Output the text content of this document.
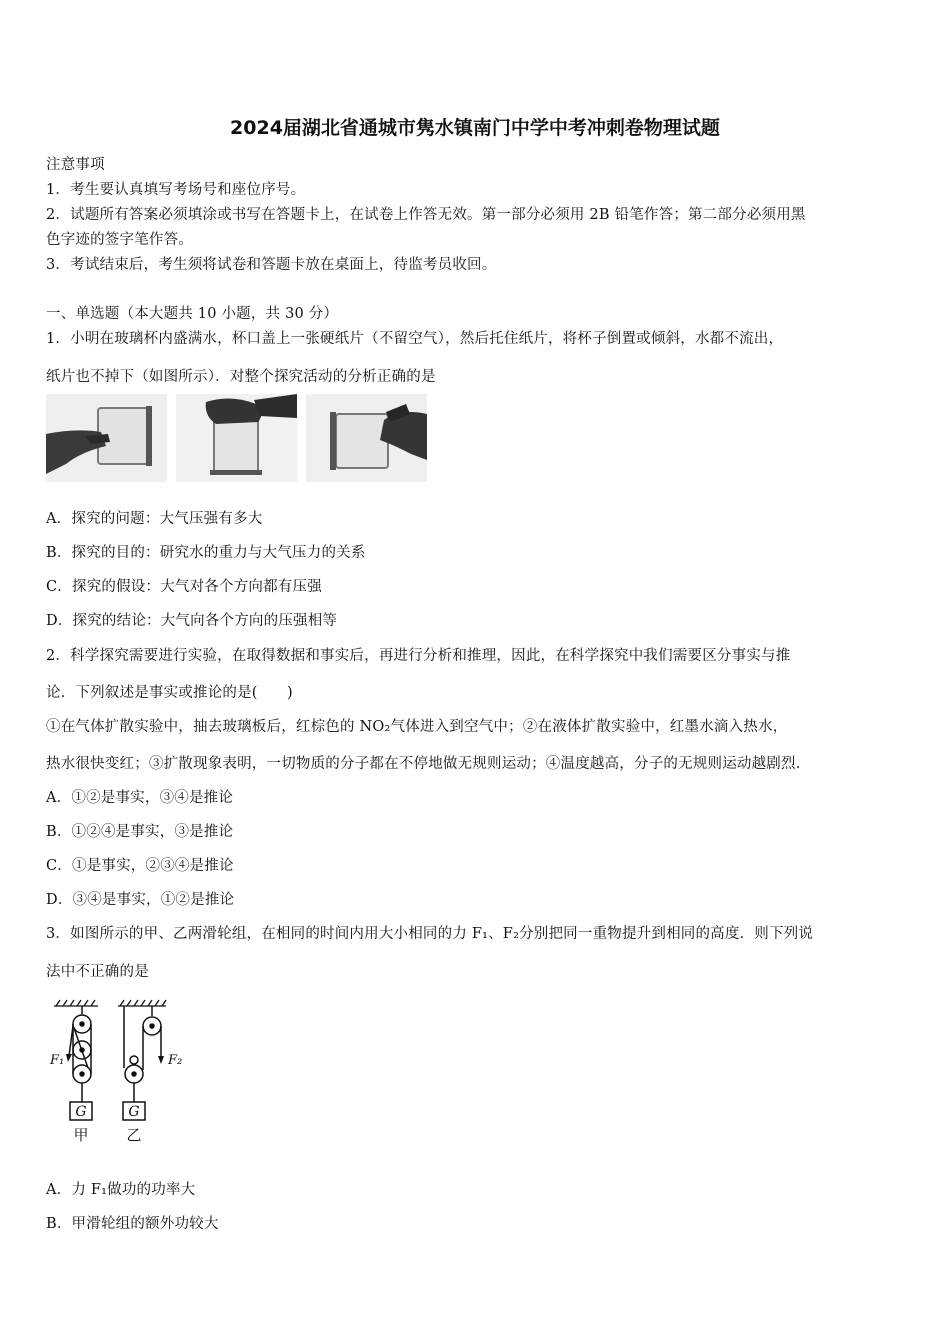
2024届湖北省通城市隽水镇南门中学中考冲刺卷物理试题
注意事项
1．考生要认真填写考场号和座位序号。
2．试题所有答案必须填涂或书写在答题卡上，在试卷上作答无效。第一部分必须用 2B 铅笔作答；第二部分必须用黑
色字迹的签字笔作答。
3．考试结束后，考生须将试卷和答题卡放在桌面上，待监考员收回。
一、单选题（本大题共 10 小题，共 30 分）
1．小明在玻璃杯内盛满水，杯口盖上一张硬纸片（不留空气），然后托住纸片，将杯子倒置或倾斜，水都不流出，
纸片也不掉下（如图所示）．对整个探究活动的分析正确的是
A．探究的问题：大气压强有多大
B．探究的目的：研究水的重力与大气压力的关系
C．探究的假设：大气对各个方向都有压强
D．探究的结论：大气向各个方向的压强相等
2．科学探究需要进行实验，在取得数据和事实后，再进行分析和推理，因此，在科学探究中我们需要区分事实与推
论．下列叙述是事实或推论的是(　　)
①在气体扩散实验中，抽去玻璃板后，红棕色的 NO₂气体进入到空气中；②在液体扩散实验中，红墨水滴入热水，
热水很快变红；③扩散现象表明，一切物质的分子都在不停地做无规则运动；④温度越高，分子的无规则运动越剧烈．
A．①②是事实，③④是推论
B．①②④是事实，③是推论
C．①是事实，②③④是推论
D．③④是事实，①②是推论
3．如图所示的甲、乙两滑轮组，在相同的时间内用大小相同的力 F₁、F₂分别把同一重物提升到相同的高度．则下列说
法中不正确的是
G
F₁
甲
G
F₂
乙
A．力 F₁做功的功率大
B．甲滑轮组的额外功较大
